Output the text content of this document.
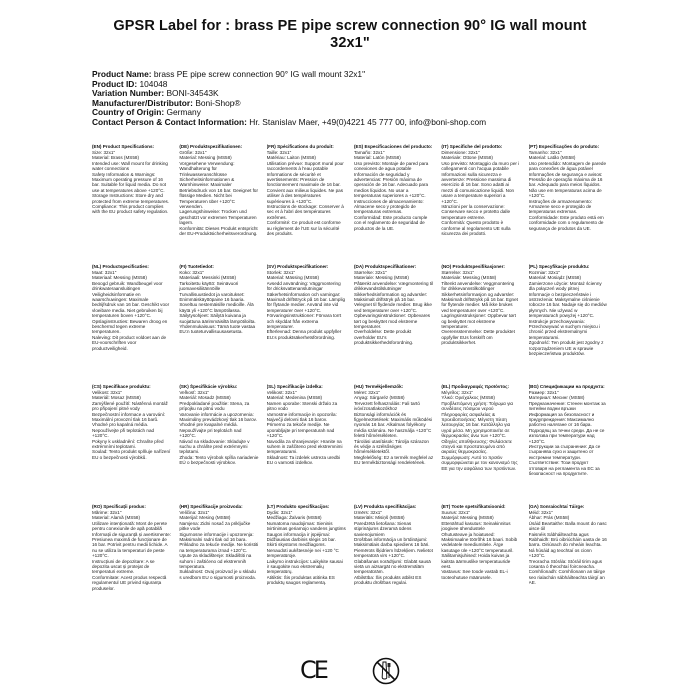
GPSR Label for : brass PE pipe screw connection 90° IG wall mount 32x1"
Product Name: brass PE pipe screw connection 90° IG wall mount 32x1"
Product ID: 104048
Variation Number: BONI-34543K
Manufacturer/Distributor: Boni-Shop®
Country of Origin: Germany
Contact Person & Contact Information: Hr. Stanislav Maer, +49(0)4221 45 777 00, info@boni-shop.com
(EN) Product Specifications:
Size: 32x1"
Material: Brass (MS58)
Intended use: Wall mount for drinking water connections
Safety Information & Warnings: Maximum operating pressure of 16 bar. Suitable for liquid media. Do not use at temperatures above +120°C.
Storage Instructions: Store dry and protected from extreme temperatures.
Compliance: This product complies with the EU product safety regulation.
(DE) Produktspezifikationen:
Größe: 32x1"
Material: Messing (MS58)
Vorgesehene Verwendung: Wandhalterung für Trinkwasseranschlüsse
Sicherheitsinformationen & Warnhinweise: Maximaler Betriebsdruck von 16 bar. Geeignet für flüssige Medien. Nicht bei Temperaturen über +120°C verwenden.
Lagerungshinweise: Trocken und geschützt vor extremen Temperaturen lagern.
Konformität: Dieses Produkt entspricht der EU-Produktsicherheitsverordnung.
(FR) Spécifications du produit:
Taille: 32x1"
Matériau: Laiton (MS58)
Utilisation prévue: Support mural pour raccordements à l'eau potable
Informations de sécurité et avertissements: Pression de fonctionnement maximale de 16 bar. Convient aux milieux liquides. Ne pas utiliser à des températures supérieures à +120°C.
Instructions de stockage: Conserver à sec et à l'abri des températures extrêmes.
Conformité: Ce produit est conforme au règlement de l'UE sur la sécurité des produits.
(ES) Especificaciones del producto:
Tamaño: 32x1"
Material: Latón (MS58)
Uso previsto: Montaje de pared para conexiones de agua potable
Información de seguridad y advertencias: Presión máxima de operación de 16 bar. Adecuado para medios líquidos. No usar a temperaturas superiores a +120°C.
Instrucciones de almacenamiento: Almacene seco y protegido de temperaturas extremas.
Conformidad: Este producto cumple con el reglamento de seguridad de productos de la UE.
(IT) Specifiche del prodotto:
Dimensione: 32x1"
Materiale: Ottone (MS58)
Uso previsto: Montaggio da muro per i collegamenti con l'acqua potabile
Informazioni sulla sicurezza e avvertenze: Pressione massima di esercizio di 16 bar. Sono adatti ai mezzi di comunicazione liquidi. Non usare a temperature superiori a +120°C.
Istruzioni per la conservazione: Conservare secco e protetto dalle temperature estreme.
Conformità: Questo prodotto è conforme al regolamento UE sulla sicurezza dei prodotti.
(PT) Especificações do produto:
Tamanho: 32x1"
Material: Latão (MS58)
Uso pretendido: Montagem de parede para conexões de água potável
Informações de segurança e avisos: Pressão de operação máxima de 16 bar. Adequado para meios líquidos. Não use em temperaturas acima de +120°C.
Instruções de armazenamento: Armazene seco e protegido de temperaturas extremas.
Conformidade: Este produto está em conformidade com o regulamento de segurança de produtos da UE.
(NL) Productspecificaties:
Maat: 32x1"
Materiaal: Messing (MS58)
Beoogd gebruik: Wandbeugel voor drinkwateraansluitingen
Veiligheidsinformatie en waarschuwingen: Maximale bedrijfsdruk van 16 bar. Geschikt voor vloeibare media. Niet gebruiken bij temperaturen boven +120°C.
Opslaginstructies: Bewaren droog en beschermd tegen extreme temperaturen.
Naleving: Dit product voldoet aan de EU-voorschriften voor productveiligheid.
(FI) Tuotetiedot:
Koko: 32x1"
Materiaali: Messinki (MS58)
Tarkoitettu käyttö: Seinävuori juomavesiliitännöille
Turvallisuustiedot ja varoitukset: Enimmäiskäyttöpaine 16 baaria. Soveltuu nestemäisille medioille. Älä käytä yli +120°C lämpötilassa.
Säilytysohjeet: Säilytä kuivana ja suojattuna äärimmäisiltä lämpötiloilta.
Yhdenmukaisuus: Tämä tuote vastaa EU:n tuoteturvallisuusasetusta.
(SV) Produktspecifikationer:
Storlek: 32x1"
Material: Mässing (MS58)
Avsedd användning: Väggmontering för dricksvattenanslutningar
Säkerhetsinformation och varningar: Maximalt driftstryck på 16 bar. Lämplig för flytande medier. Använd inte vid temperaturer över +120°C.
Förvaringsinstruktioner: Förvara torrt och skyddat från extrema temperaturer.
Efterlevnad: Denna produkt uppfyller EU:s produktsäkerhetsförordning.
(DA) Produktspecifikationer:
Størrelse: 32x1"
Materiale: Messing (MS58)
Påtænkt anvendelse: Vægmontering til drikkevandstilslutninger
Sikkerhedsinformation og advarsler: Maksimalt driftstryk på 16 bar. Velegnet til flydende medier. Brug ikke ved temperaturer over +120°C.
Opbevaringsinstruktioner: Opbevares tørt og beskyttet mod ekstreme temperaturer.
Overholdelse: Dette produkt overholder EU's produktsikkerhedsforordning.
(NO) Produktspesifikasjoner:
Størrelse: 32x1"
Materiale: Messing (MS58)
Tiltenkt anvendelse: Veggmontering for drikkevannstilkoblinger
Sikkerhetsinformasjon og advarsler: Maksimalt driftstrykk på 16 bar. Egnet for flytende medier. Må ikke brukes ved temperaturer over +120°C.
Lagringsinstruksjoner: Oppbevar tørt og beskyttet mot ekstreme temperaturer.
Overensstemmelse: Dette produktet oppfyller EUs forskrift om produktsikkerhet.
(PL) Specyfikacje produktu:
Rozmiar: 32x1"
Materiał: Mosiądz (MS58)
Zamierzone użycie: Montaż ścienny dla połączeń wody pitnej
Informacje o bezpieczeństwie i ostrzeżenia: Maksymalne ciśnienie robocze 16 bar. Nadaje się do mediów płynnych. Nie używać w temperaturach powyżej +120°C.
Instrukcje przechowywania: Przechowywać w suchym miejscu i chronić przed ekstremalnymi temperaturami.
Zgodność: Ten produkt jest zgodny z rozporządzeniem UE w sprawie bezpieczeństwa produktów.
(CS) Specifikace produktu:
Velikost: 32x1"
Materiál: Mosaz (MS58)
Zamýšlené použití: Nástěnná montáž pro připojení pitné vody
Bezpečnostní informace a varování: Maximální provozní tlak 16 barů. Vhodné pro kapalná média. Nepoužívejte při teplotách nad +120°C.
Pokyny k uskladnění: Chraňte před extrémními teplotami.
Soulad: Tento produkt splňuje nařízení EU o bezpečnosti výrobků.
(SK) Špecifikácie výrobku:
Veľkosť: 32x1"
Materiál: Mosadz (MS58)
Predpokladané použitie: Stena, za prípojku na pitnú vodu
Varovanie informácie a upozornenia: Maximálny prevádzkový tlak 16 barov. Vhodné pre kvapalné médiá. Nepoužívajte pri teplotách nad +120°C.
Návod na skladovanie: Skladujte v suchu a chráňte pred extrémnymi teplotami.
Zhoda: Tento výrobok spĺňa nariadenie EÚ o bezpečnosti výrobkov.
(SL) Specifikacije izdelka:
Velikost: 32x1"
Material: Medenina (MS58)
Namen uporabe: Stenski držalo za pitno vodo
Varnostne informacije in opozorila: Največji delovni tlak 16 barov. Primerno za tekoče medije. Ne uporabljajte pri temperaturah nad +120°C.
Navodila za shranjevanje: Hranite na suhem in zaščiteno pred ekstremnimi temperaturami.
Skladnost: Ta izdelek ustreza uredbi EU o varnosti izdelkov.
(HU) Termékjellemzők:
Méret: 32x1"
Anyag: Sárgaréz (MS58)
Tervezett felhasználás: Fali tartó ivóvízcsatlakozókhoz
Biztonsági információk és figyelmeztetések: Maximális működési nyomás 16 bar. Alkalmas folyékony média számára. Ne használja +120°C feletti hőmérsékleten.
Tárolási utasítások: Tárolja szárazon és védje a szélsőséges hőmérsékletektől.
Megfelelőség: Ez a termék megfelel az EU termékbiztonsági rendeletének.
(EL) Προδιαγραφές προϊόντος:
Μέγεθος: 32x1"
Υλικό: Ορείχαλκος (MS58)
Προβλεπόμενη χρήση: Τοίχωμα για συνδέσεις πόσιμου νερού
Πληροφορίες ασφαλείας & προειδοποιήσεις: Μέγιστη πίεση λειτουργίας 16 bar. Κατάλληλο για υγρά μέσα. Μη χρησιμοποιείτε σε θερμοκρασίες άνω των +120°C.
Οδηγίες αποθήκευσης: Φυλάσσετε στεγνό και προστατευμένο από ακραίες θερμοκρασίες.
Συμμόρφωση: Αυτό το προϊόν συμμορφώνεται με τον κανονισμό της ΕΕ για την ασφάλεια των προϊόντων.
(BG) Спецификации на продукта:
Размер: 32x1"
Материал: Месинг (MS58)
Предназначение: Стенен монтаж за питейни водни връзки
Информация за безопасност и предупреждения: Максимално работно налягане от 16 бара. Подходящ за течни среди. Да не се използва при температури над +120°C.
Инструкции за съхранение: Да се съхранява сухо и защитено от екстремни температури.
Съответствие: Този продукт отговаря на регламента на ЕС за безопасност на продуктите.
(RO) Specificații produs:
Mărime: 32x1"
Material: Alamă (MS58)
Utilizare intenționată: Mont de perete pentru conexiunile de apă potabilă
Informații de siguranță și avertismente: Presiunea maximă de funcționare de 16 bar. Potrivit pentru medii lichide. A nu se utiliza la temperaturi de peste +120°C.
Instrucțiuni de depozitare: A se depozita uscat și protejat de temperaturi extreme.
Conformitate: Acest produs respectă regulamentul UE privind siguranța produselor.
(HR) Specifikacije proizvoda:
Veličina: 32x1"
Materijal: Mesing (MS58)
Namjena: Zidni nosač za priključke pitke vode
Sigurnosne informacije i upozorenja: Maksimalni radni tlak od 16 bara. Prikladno za tekuće medije. Ne koristiti na temperaturama iznad +120°C.
Upute za skladištenje: Skladištiti na suhom i zaštićeno od ekstremnih temperatura.
Sukladnost: Ovaj proizvod je u skladu s uredbom EU o sigurnosti proizvoda.
(LT) Produkto specifikacijos:
Dydis: 32x1"
Medžiaga: Žalvaris (MS58)
Numatoma naudojimas: Sieninis tvirtinimas geriamojo vandens jungtims
Saugos informacija ir įspėjimai: Didžiausias darbinis slėgis 16 bar. Skirti skystoms medžiagoms. Nenaudoti aukštesnėje nei +120 °C temperatūroje.
Laikymo instrukcijos: Laikykite sausai ir saugokite nuo ekstremalių temperatūrų.
Atitiktis: Šis produktas atitinka ES produktų saugos reglamentą.
(LV) Produkta specifikācijas:
Izmērs: 32x1"
Materiāls: Misiņš (MS58)
Paredzētā lietošana: Sienas stiprinājums dzeramā ūdens savienojumiem
Drošības informācija un brīdinājumi: Maksimālais darba spiediens 16 bāri. Piemērots šķidriem līdzekļiem. Nelietot temperatūrā virs +120°C.
Glabāšanas norādījumi: Glabāt sausā vietā un aizsargāt no ekstremālām temperatūrām.
Atbilstība: Šis produkts atbilst ES produktu drošības regulai.
(ET) Toote spetsifikatsioonid:
Suurus: 32x1"
Materjal: Messing (MS58)
Ettenähtud kasutus: Seinakinnitus joogivee ühendustele
Ohutusteave ja hoiatused: Maksimaalne töörõhk 16 baari. Sobib vedelatele meediumitele. Ärge kasutage üle +120°C temperatuuril.
Säilitamisjuhised: Hoida kuivas ja kaitsta äärmuslike temperatuuride eest.
Vastavus: See toode vastab EL-i tooteohutuse määrusele.
(GA) Sonraíochtaí Táirge:
Méid: 32x1"
Ábhar: Prás (MS58)
Úsáid Beartaithe: Balla mount do nasc uisce óil
Faisnéis Sábháilteachta agus Rabhaidh: Brú oibriúcháin uasta de 16 barra. Oiriúnach do mheáin leachta. Ná húsáid ag teochtaí os cionn +120°C.
Treoracha Stórála: Stóráil tirim agus cosanta ó theochtaí foircneacha.
Comhlíonadh: Comhlíonann an táirge seo rialachán sábháilteachta táirgí an AE.
CE
